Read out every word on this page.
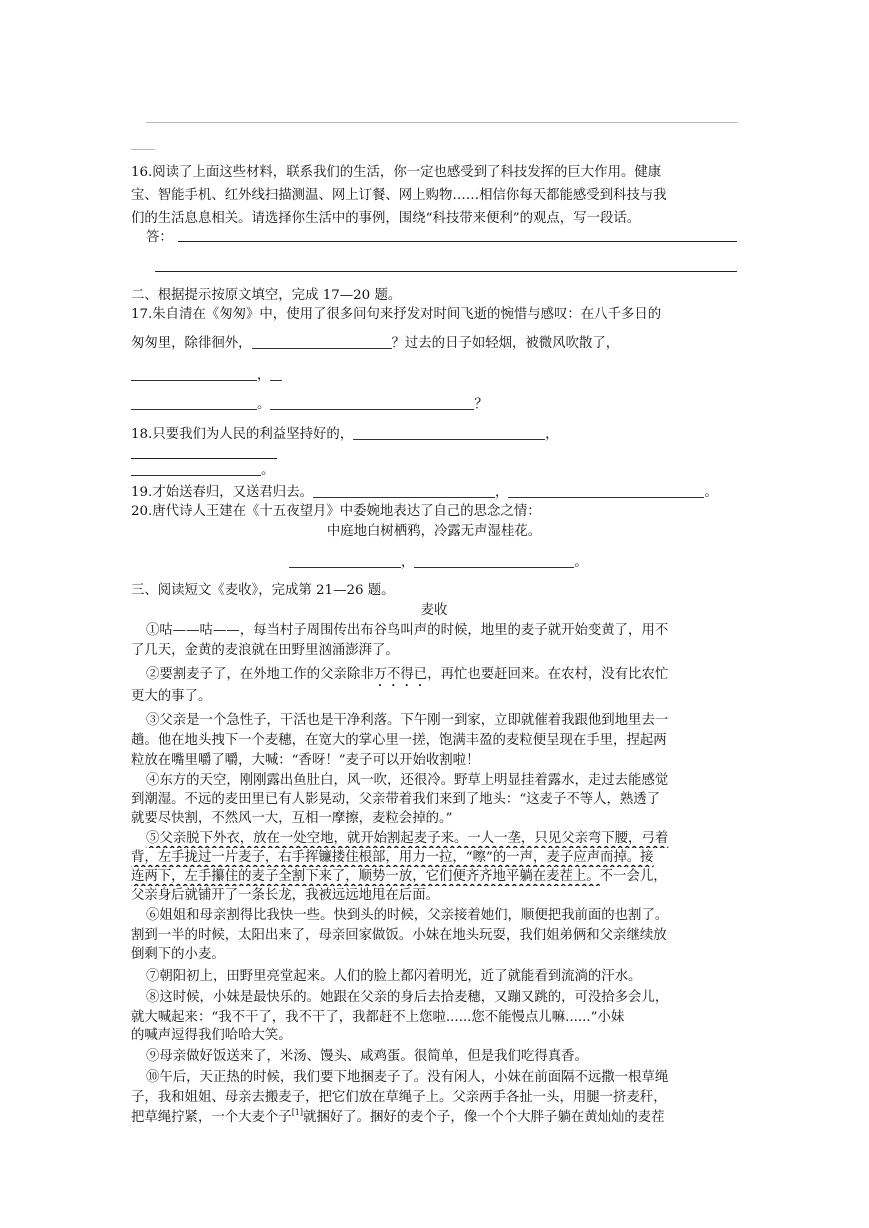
16.阅读了上面这些材料，联系我们的生活，你一定也感受到了科技发挥的巨大作用。健康
宝、智能手机、红外线扫描测温、网上订餐、网上购物……相信你每天都能感受到科技与我
们的生活息息相关。请选择你生活中的事例，围绕“科技带来便利”的观点，写一段话。
答：
二、根据提示按原文填空，完成 17—20 题。
17.朱自清在《匆匆》中，使用了很多问句来抒发对时间飞逝的惋惜与感叹：在八千多日的
匆匆里，除徘徊外，	？过去的日子如轻烟，被微风吹散了，
，
。	？
18.只要我们为人民的利益坚持好的，	，
。
19.才始送春归，又送君归去。	，	。
20.唐代诗人王建在《十五夜望月》中委婉地表达了自己的思念之情：
中庭地白树栖鸦，冷露无声湿桂花。
，	。
三、阅读短文《麦收》，完成第 21—26 题。
麦收
①咕——咕——，每当村子周围传出布谷鸟叫声的时候，地里的麦子就开始变黄了，用不
了几天，金黄的麦浪就在田野里汹涌澎湃了。
②要割麦子了，在外地工作的父亲除非万不得已，再忙也要赶回来。在农村，没有比农忙
更大的事了。
③父亲是一个急性子，干活也是干净利落。下午刚一到家，立即就催着我跟他到地里去一
趟。他在地头拽下一个麦穗，在宽大的掌心里一搓，饱满丰盈的麦粒便呈现在手里，捏起两
粒放在嘴里嚼了嚼，大喊：“香呀！”麦子可以开始收割啦！
④东方的天空，刚刚露出鱼肚白，风一吹，还很冷。野草上明显挂着露水，走过去能感觉
到潮湿。不远的麦田里已有人影晃动，父亲带着我们来到了地头：“这麦子不等人，熟透了
就要尽快割，不然风一大，互相一摩擦，麦粒会掉的。”
⑤父亲脱下外衣，放在一处空地，就开始割起麦子来。一人一垄，只见父亲弯下腰，弓着
背，左手拢过一片麦子，右手挥镰搂住根部，用力一拉，“嚓”的一声，麦子应声而掉。接
连两下，左手攥住的麦子全割下来了，顺势一放，它们便齐齐地平躺在麦茬上。不一会儿，
父亲身后就铺开了一条长龙，我被远远地甩在后面。
⑥姐姐和母亲割得比我快一些。快到头的时候，父亲接着她们，顺便把我前面的也割了。
割到一半的时候，太阳出来了，母亲回家做饭。小妹在地头玩耍，我们姐弟俩和父亲继续放
倒剩下的小麦。
⑦朝阳初上，田野里亮堂起来。人们的脸上都闪着明光，近了就能看到流淌的汗水。
⑧这时候，小妹是最快乐的。她跟在父亲的身后去拾麦穗，又蹦又跳的，可没拾多会儿，
就大喊起来：“我不干了，我不干了，我都赶不上您啦......您不能慢点儿嘛......”小妹
的喊声逗得我们哈哈大笑。
⑨母亲做好饭送来了，米汤、馒头、咸鸡蛋。很简单，但是我们吃得真香。
⑩午后，天正热的时候，我们要下地捆麦子了。没有闲人，小妹在前面隔不远撒一根草绳
子，我和姐姐、母亲去搬麦子，把它们放在草绳子上。父亲两手各扯一头，用腿一挤麦秆，
把草绳拧紧，一个大麦个子[1]就捆好了。捆好的麦个子，像一个个大胖子躺在黄灿灿的麦茬
